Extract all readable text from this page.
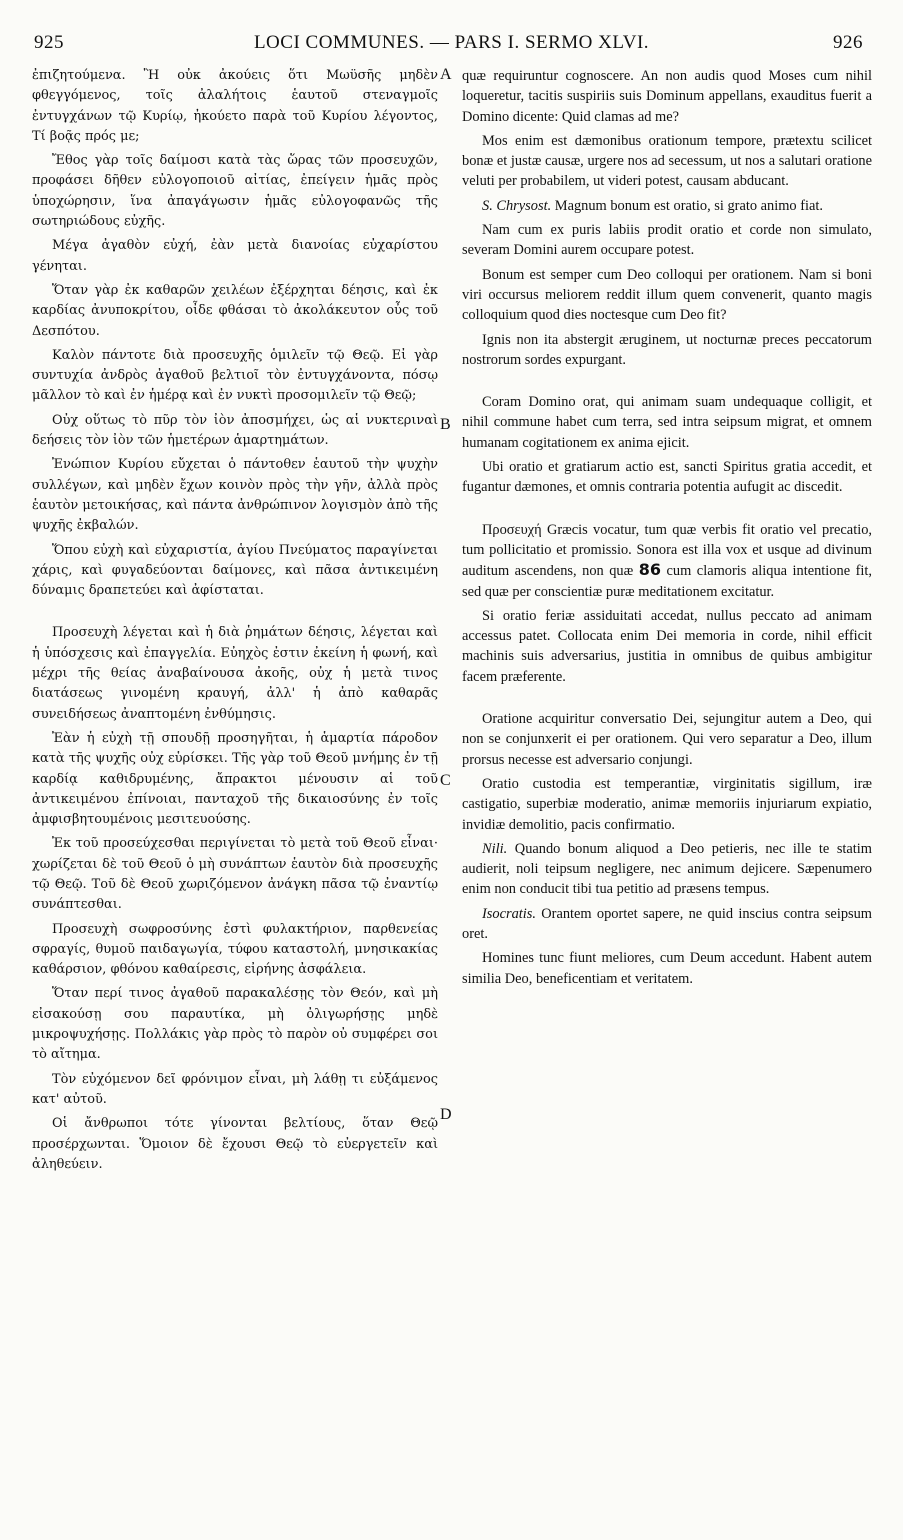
925	LOCI COMMUNES. — PARS I. SERMO XLVI.	926
A
B
C
D

ἐπιζητούμενα. Ἢ οὐκ ἀκούεις ὅτι Μωϋσῆς μηδὲν φθεγγόμενος, τοῖς ἀλαλήτοις ἑαυτοῦ στεναγμοῖς ἐντυγχάνων τῷ Κυρίῳ, ἠκούετο παρὰ τοῦ Κυρίου λέγοντος, Τί βοᾷς πρός με;

Ἔθος γὰρ τοῖς δαίμοσι κατὰ τὰς ὥρας τῶν προσευχῶν, προφάσει δῆθεν εὐλογοποιοῦ αἰτίας, ἐπείγειν ἡμᾶς πρὸς ὑποχώρησιν, ἵνα ἀπαγάγωσιν ἡμᾶς εὐλογοφανῶς τῆς σωτηριώδους εὐχῆς.

Μέγα ἀγαθὸν εὐχή, ἐὰν μετὰ διανοίας εὐχαρίστου γένηται.

Ὅταν γὰρ ἐκ καθαρῶν χειλέων ἐξέρχηται δέησις, καὶ ἐκ καρδίας ἀνυποκρίτου, οἶδε φθάσαι τὸ ἀκολάκευτον οὖς τοῦ Δεσπότου.

Καλὸν πάντοτε διὰ προσευχῆς ὁμιλεῖν τῷ Θεῷ. Εἰ γὰρ συντυχία ἀνδρὸς ἀγαθοῦ βελτιοῖ τὸν ἐντυγχάνοντα, πόσῳ μᾶλλον τὸ καὶ ἐν ἡμέρᾳ καὶ ἐν νυκτὶ προσομιλεῖν τῷ Θεῷ;

Οὐχ οὕτως τὸ πῦρ τὸν ἰὸν ἀποσμήχει, ὡς αἱ νυκτεριναὶ δεήσεις τὸν ἰὸν τῶν ἡμετέρων ἁμαρτημάτων.

Ἐνώπιον Κυρίου εὔχεται ὁ πάντοθεν ἑαυτοῦ τὴν ψυχὴν συλλέγων, καὶ μηδὲν ἔχων κοινὸν πρὸς τὴν γῆν, ἀλλὰ πρὸς ἑαυτὸν μετοικήσας, καὶ πάντα ἀνθρώπινον λογισμὸν ἀπὸ τῆς ψυχῆς ἐκβαλών.

Ὅπου εὐχὴ καὶ εὐχαριστία, ἁγίου Πνεύματος παραγίνεται χάρις, καὶ φυγαδεύονται δαίμονες, καὶ πᾶσα ἀντικειμένη δύναμις δραπετεύει καὶ ἀφίσταται.

Προσευχὴ λέγεται καὶ ἡ διὰ ῥημάτων δέησις, λέγεται καὶ ἡ ὑπόσχεσις καὶ ἐπαγγελία. Εὐηχὸς ἐστιν ἐκείνη ἡ φωνή, καὶ μέχρι τῆς θείας ἀναβαίνουσα ἀκοῆς, οὐχ ἡ μετὰ τινος διατάσεως γινομένη κραυγή, ἀλλ' ἡ ἀπὸ καθαρᾶς συνειδήσεως ἀναπτομένη ἐνθύμησις.

Ἐὰν ἡ εὐχὴ τῇ σπουδῇ προσηγῆται, ἡ ἁμαρτία πάροδον κατὰ τῆς ψυχῆς οὐχ εὑρίσκει. Τῆς γὰρ τοῦ Θεοῦ μνήμης ἐν τῇ καρδίᾳ καθιδρυμένης, ἄπρακτοι μένουσιν αἱ τοῦ ἀντικειμένου ἐπίνοιαι, πανταχοῦ τῆς δικαιοσύνης ἐν τοῖς ἀμφισβητουμένοις μεσιτευούσης.

Ἐκ τοῦ προσεύχεσθαι περιγίνεται τὸ μετὰ τοῦ Θεοῦ εἶναι· χωρίζεται δὲ τοῦ Θεοῦ ὁ μὴ συνάπτων ἑαυτὸν διὰ προσευχῆς τῷ Θεῷ. Τοῦ δὲ Θεοῦ χωριζόμενον ἀνάγκη πᾶσα τῷ ἐναντίῳ συνάπτεσθαι.

Προσευχὴ σωφροσύνης ἐστὶ φυλακτήριον, παρθενείας σφραγίς, θυμοῦ παιδαγωγία, τύφου καταστολή, μνησικακίας καθάρσιον, φθόνου καθαίρεσις, εἰρήνης ἀσφάλεια.

Ὅταν περί τινος ἀγαθοῦ παρακαλέσῃς τὸν Θεόν, καὶ μὴ εἰσακούσῃ σου παραυτίκα, μὴ ὀλιγωρήσῃς μηδὲ μικροψυχήσῃς. Πολλάκις γὰρ πρὸς τὸ παρὸν οὐ συμφέρει σοι τὸ αἴτημα.

Τὸν εὐχόμενον δεῖ φρόνιμον εἶναι, μὴ λάθῃ τι εὐξάμενος κατ' αὐτοῦ.

Οἱ ἄνθρωποι τότε γίνονται βελτίους, ὅταν Θεῷ προσέρχωνται. Ὅμοιον δὲ ἔχουσι Θεῷ τὸ εὐεργετεῖν καὶ ἀληθεύειν.

quæ requiruntur cognoscere. An non audis quod Moses cum nihil loqueretur, tacitis suspiriis suis Dominum appellans, exauditus fuerit a Domino dicente: Quid clamas ad me?

Mos enim est dæmonibus orationum tempore, prætextu scilicet bonæ et justæ causæ, urgere nos ad secessum, ut nos a salutari oratione veluti per probabilem, ut videri potest, causam abducant.

S. Chrysost. Magnum bonum est oratio, si grato animo fiat.

Nam cum ex puris labiis prodit oratio et corde non simulato, severam Domini aurem occupare potest.

Bonum est semper cum Deo colloqui per orationem. Nam si boni viri occursus meliorem reddit illum quem convenerit, quanto magis colloquium quod dies noctesque cum Deo fit?

Ignis non ita abstergit æruginem, ut nocturnæ preces peccatorum nostrorum sordes expurgant.

Coram Domino orat, qui animam suam undequaque colligit, et nihil commune habet cum terra, sed intra seipsum migrat, et omnem humanam cogitationem ex anima ejicit.

Ubi oratio et gratiarum actio est, sancti Spiritus gratia accedit, et fugantur dæmones, et omnis contraria potentia aufugit ac discedit.

Προσευχή Græcis vocatur, tum quæ verbis fit oratio vel precatio, tum pollicitatio et promissio. Sonora est illa vox et usque ad divinum auditum ascendens, non quæ 86 cum clamoris aliqua intentione fit, sed quæ per conscientiæ puræ meditationem excitatur.

Si oratio feriæ assiduitati accedat, nullus peccato ad animam accessus patet. Collocata enim Dei memoria in corde, nihil efficit machinis suis adversarius, justitia in omnibus de quibus ambigitur facem præferente.

Oratione acquiritur conversatio Dei, sejungitur autem a Deo, qui non se conjunxerit ei per orationem. Qui vero separatur a Deo, illum prorsus necesse est adversario conjungi.

Oratio custodia est temperantiæ, virginitatis sigillum, iræ castigatio, superbiæ moderatio, animæ memoriis injuriarum expiatio, invidiæ demolitio, pacis confirmatio.

Nili. Quando bonum aliquod a Deo petieris, nec ille te statim audierit, noli teipsum negligere, nec animum dejicere. Sæpenumero enim non conducit tibi tua petitio ad præsens tempus.

Isocratis. Orantem oportet sapere, ne quid inscius contra seipsum oret.

Homines tunc fiunt meliores, cum Deum accedunt. Habent autem similia Deo, beneficentiam et veritatem.
